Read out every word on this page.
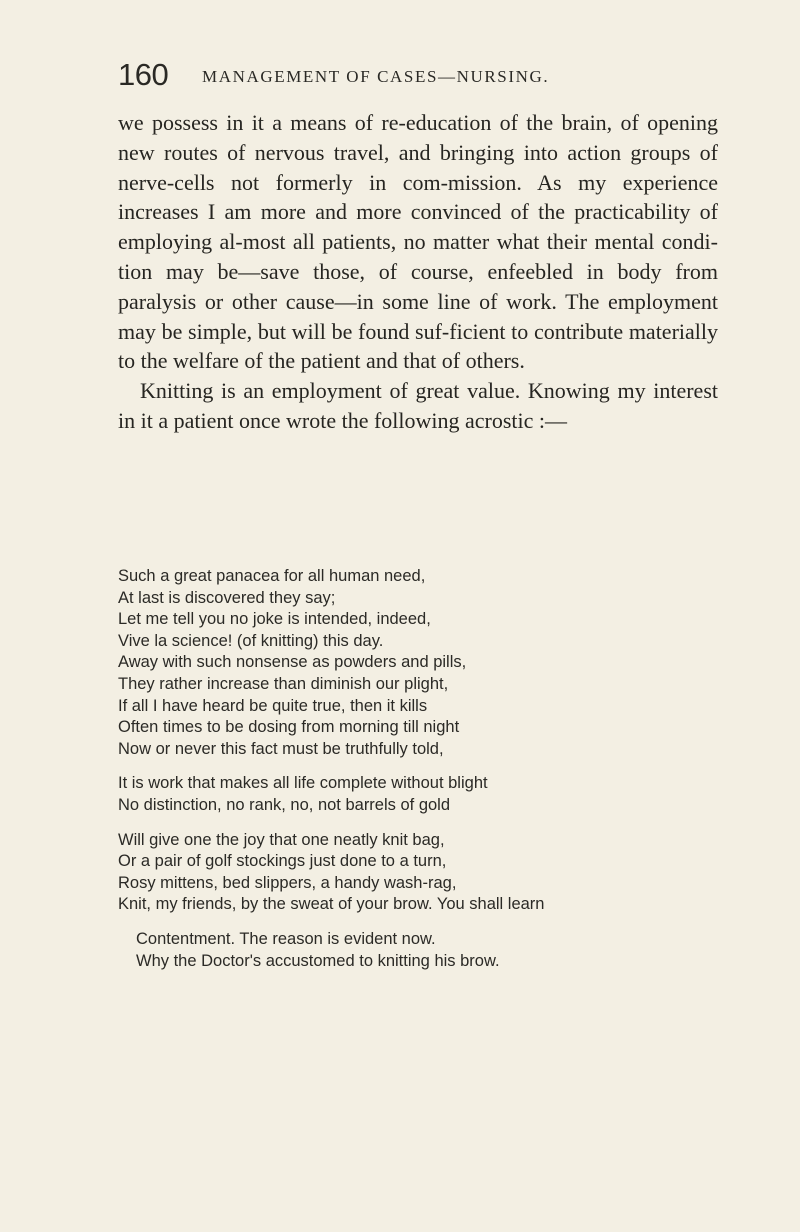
160 MANAGEMENT OF CASES—NURSING.

we possess in it a means of re-education of the brain, of opening new routes of nervous travel, and bringing into action groups of nerve-cells not formerly in com-mission. As my experience increases I am more and more convinced of the practicability of employing al-most all patients, no matter what their mental condi-tion may be—save those, of course, enfeebled in body from paralysis or other cause—in some line of work. The employment may be simple, but will be found suf-ficient to contribute materially to the welfare of the patient and that of others.

Knitting is an employment of great value. Knowing my interest in it a patient once wrote the following acrostic :—

Such a great panacea for all human need,
At last is discovered they say;
Let me tell you no joke is intended, indeed,
Vive la science! (of knitting) this day.
Away with such nonsense as powders and pills,
They rather increase than diminish our plight,
If all I have heard be quite true, then it kills
Often times to be dosing from morning till night
Now or never this fact must be truthfully told,
It is work that makes all life complete without blight
No distinction, no rank, no, not barrels of gold
Will give one the joy that one neatly knit bag,
Or a pair of golf stockings just done to a turn,
Rosy mittens, bed slippers, a handy wash-rag,
Knit, my friends, by the sweat of your brow. You shall learn
Contentment. The reason is evident now.
Why the Doctor's accustomed to knitting his brow.
